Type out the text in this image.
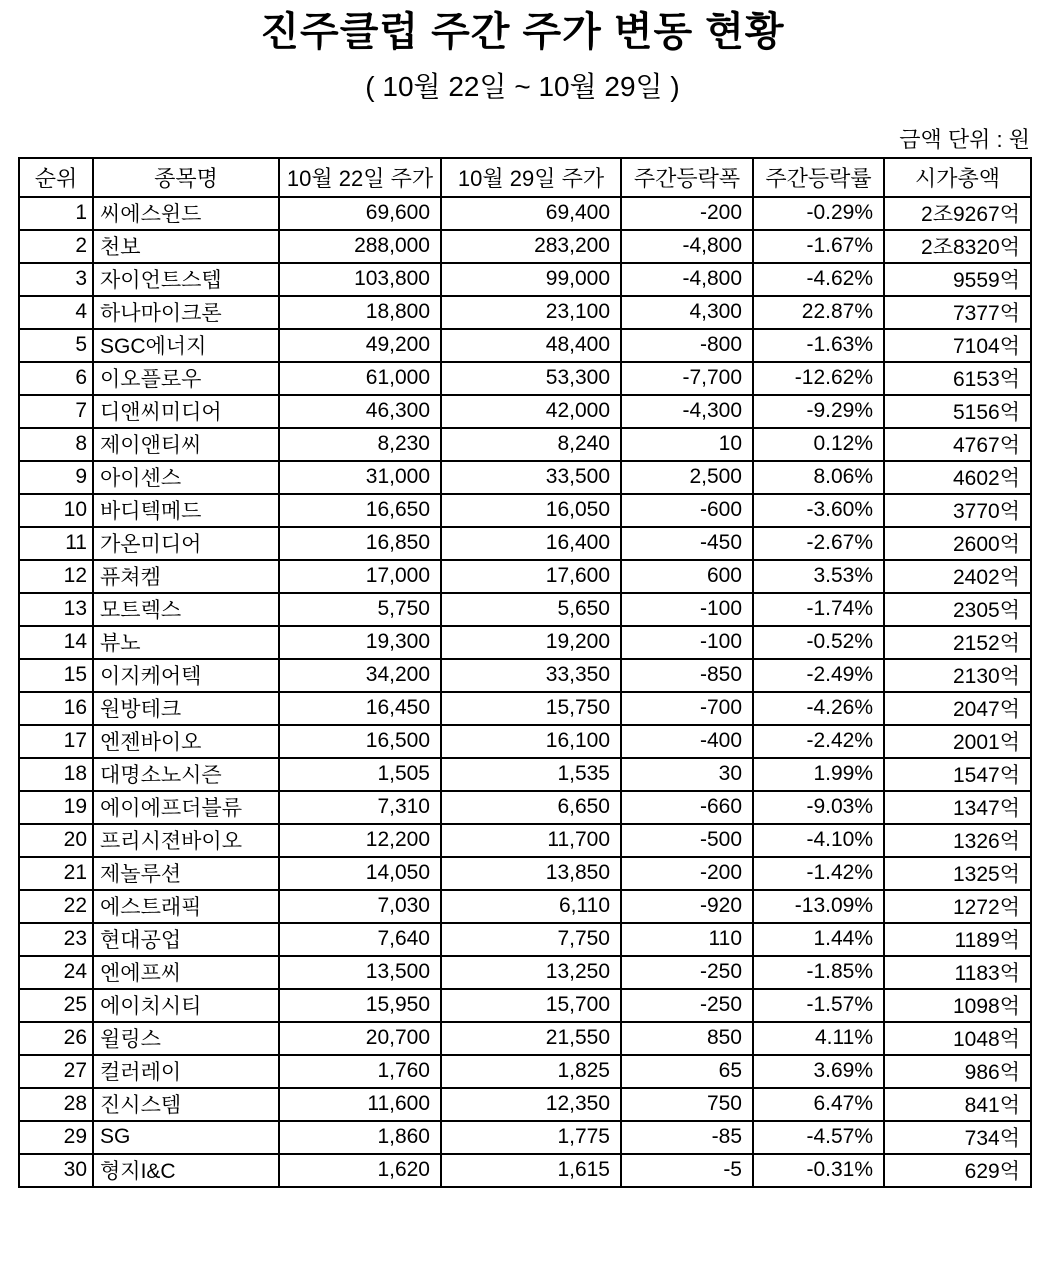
진주클럽 주간 주가 변동 현황
( 10월 22일 ~ 10월 29일 )
금액 단위 : 원
순위	종목명	10월 22일 주가	10월 29일 주가	주간등락폭	주간등락률	시가총액
1	씨에스윈드	69,600	69,400	-200	-0.29%	2조9267억
2	천보	288,000	283,200	-4,800	-1.67%	2조8320억
3	자이언트스텝	103,800	99,000	-4,800	-4.62%	9559억
4	하나마이크론	18,800	23,100	4,300	22.87%	7377억
5	SGC에너지	49,200	48,400	-800	-1.63%	7104억
6	이오플로우	61,000	53,300	-7,700	-12.62%	6153억
7	디앤씨미디어	46,300	42,000	-4,300	-9.29%	5156억
8	제이앤티씨	8,230	8,240	10	0.12%	4767억
9	아이센스	31,000	33,500	2,500	8.06%	4602억
10	바디텍메드	16,650	16,050	-600	-3.60%	3770억
11	가온미디어	16,850	16,400	-450	-2.67%	2600억
12	퓨쳐켐	17,000	17,600	600	3.53%	2402억
13	모트렉스	5,750	5,650	-100	-1.74%	2305억
14	뷰노	19,300	19,200	-100	-0.52%	2152억
15	이지케어텍	34,200	33,350	-850	-2.49%	2130억
16	원방테크	16,450	15,750	-700	-4.26%	2047억
17	엔젠바이오	16,500	16,100	-400	-2.42%	2001억
18	대명소노시즌	1,505	1,535	30	1.99%	1547억
19	에이에프더블류	7,310	6,650	-660	-9.03%	1347억
20	프리시젼바이오	12,200	11,700	-500	-4.10%	1326억
21	제놀루션	14,050	13,850	-200	-1.42%	1325억
22	에스트래픽	7,030	6,110	-920	-13.09%	1272억
23	현대공업	7,640	7,750	110	1.44%	1189억
24	엔에프씨	13,500	13,250	-250	-1.85%	1183억
25	에이치시티	15,950	15,700	-250	-1.57%	1098억
26	윌링스	20,700	21,550	850	4.11%	1048억
27	컬러레이	1,760	1,825	65	3.69%	986억
28	진시스템	11,600	12,350	750	6.47%	841억
29	SG	1,860	1,775	-85	-4.57%	734억
30	형지I&C	1,620	1,615	-5	-0.31%	629억
